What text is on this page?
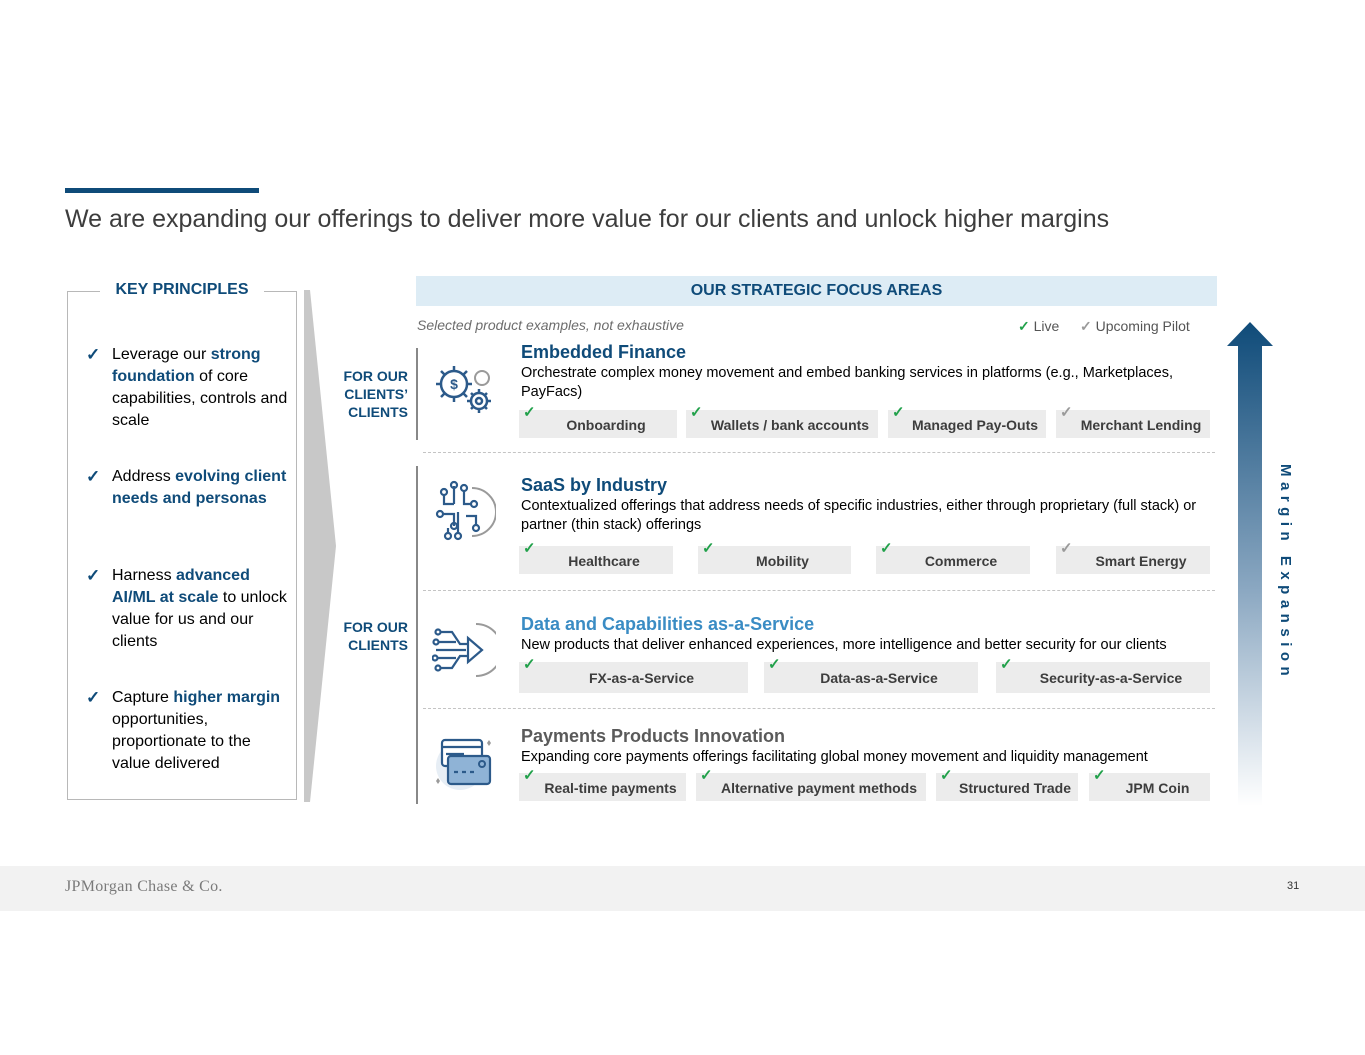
We are expanding our offerings to deliver more value for our clients and unlock higher margins
KEY PRINCIPLES
✓ Leverage our strong foundation of core capabilities, controls and scale
✓ Address evolving client needs and personas
✓ Harness advanced AI/ML at scale to unlock value for us and our clients
✓ Capture higher margin opportunities, proportionate to the value delivered
FOR OUR CLIENTS’ CLIENTS
FOR OUR CLIENTS
OUR STRATEGIC FOCUS AREAS
Selected product examples, not exhaustive	✓ Live ✓ Upcoming Pilot
$
Embedded Finance
Orchestrate complex money movement and embed banking services in platforms (e.g., Marketplaces, PayFacs)
✓
Onboarding
✓
Wallets / bank accounts
✓
Managed Pay-Outs
✓
Merchant Lending
SaaS by Industry
Contextualized offerings that address needs of specific industries, either through proprietary (full stack) or partner (thin stack) offerings
✓
Healthcare
✓
Mobility
✓
Commerce
✓
Smart Energy
Data and Capabilities as-a-Service
New products that deliver enhanced experiences, more intelligence and better security for our clients
✓
FX-as-a-Service
✓
Data-as-a-Service
✓
Security-as-a-Service
Payments Products Innovation
Expanding core payments offerings facilitating global money movement and liquidity management
✓
Real-time payments
✓
Alternative payment methods
✓
Structured Trade
✓
JPM Coin
Margin Expansion
JPMorgan Chase & Co.	31
